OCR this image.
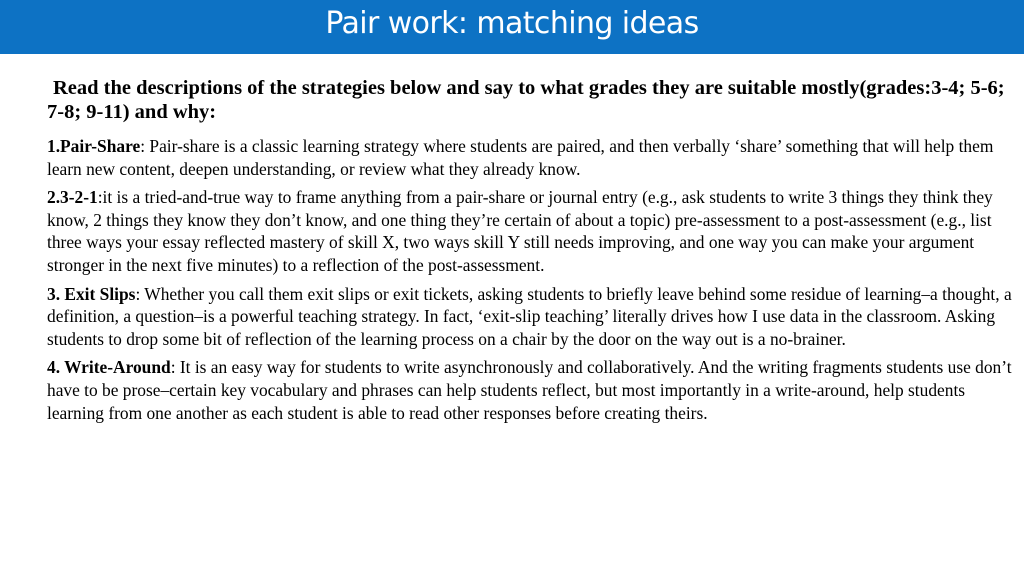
Pair work: matching ideas

Read the descriptions of the strategies below and say to what grades they are suitable mostly(grades:3-4; 5-6; 7-8; 9-11) and why:

1.Pair-Share: Pair-share is a classic learning strategy where students are paired, and then verbally ‘share’ something that will help them learn new content, deepen understanding, or review what they already know.

2.3-2-1:it is a tried-and-true way to frame anything from a pair-share or journal entry (e.g., ask students to write 3 things they think they know, 2 things they know they don’t know, and one thing they’re certain of about a topic) pre-assessment to a post-assessment (e.g., list three ways your essay reflected mastery of skill X, two ways skill Y still needs improving, and one way you can make your argument stronger in the next five minutes) to a reflection of the post-assessment.

3. Exit Slips: Whether you call them exit slips or exit tickets, asking students to briefly leave behind some residue of learning–a thought, a definition, a question–is a powerful teaching strategy. In fact, ‘exit-slip teaching’ literally drives how I use data in the classroom. Asking students to drop some bit of reflection of the learning process on a chair by the door on the way out is a no-brainer.

4. Write-Around: It is an easy way for students to write asynchronously and collaboratively. And the writing fragments students use don’t have to be prose–certain key vocabulary and phrases can help students reflect, but most importantly in a write-around, help students learning from one another as each student is able to read other responses before creating theirs.
